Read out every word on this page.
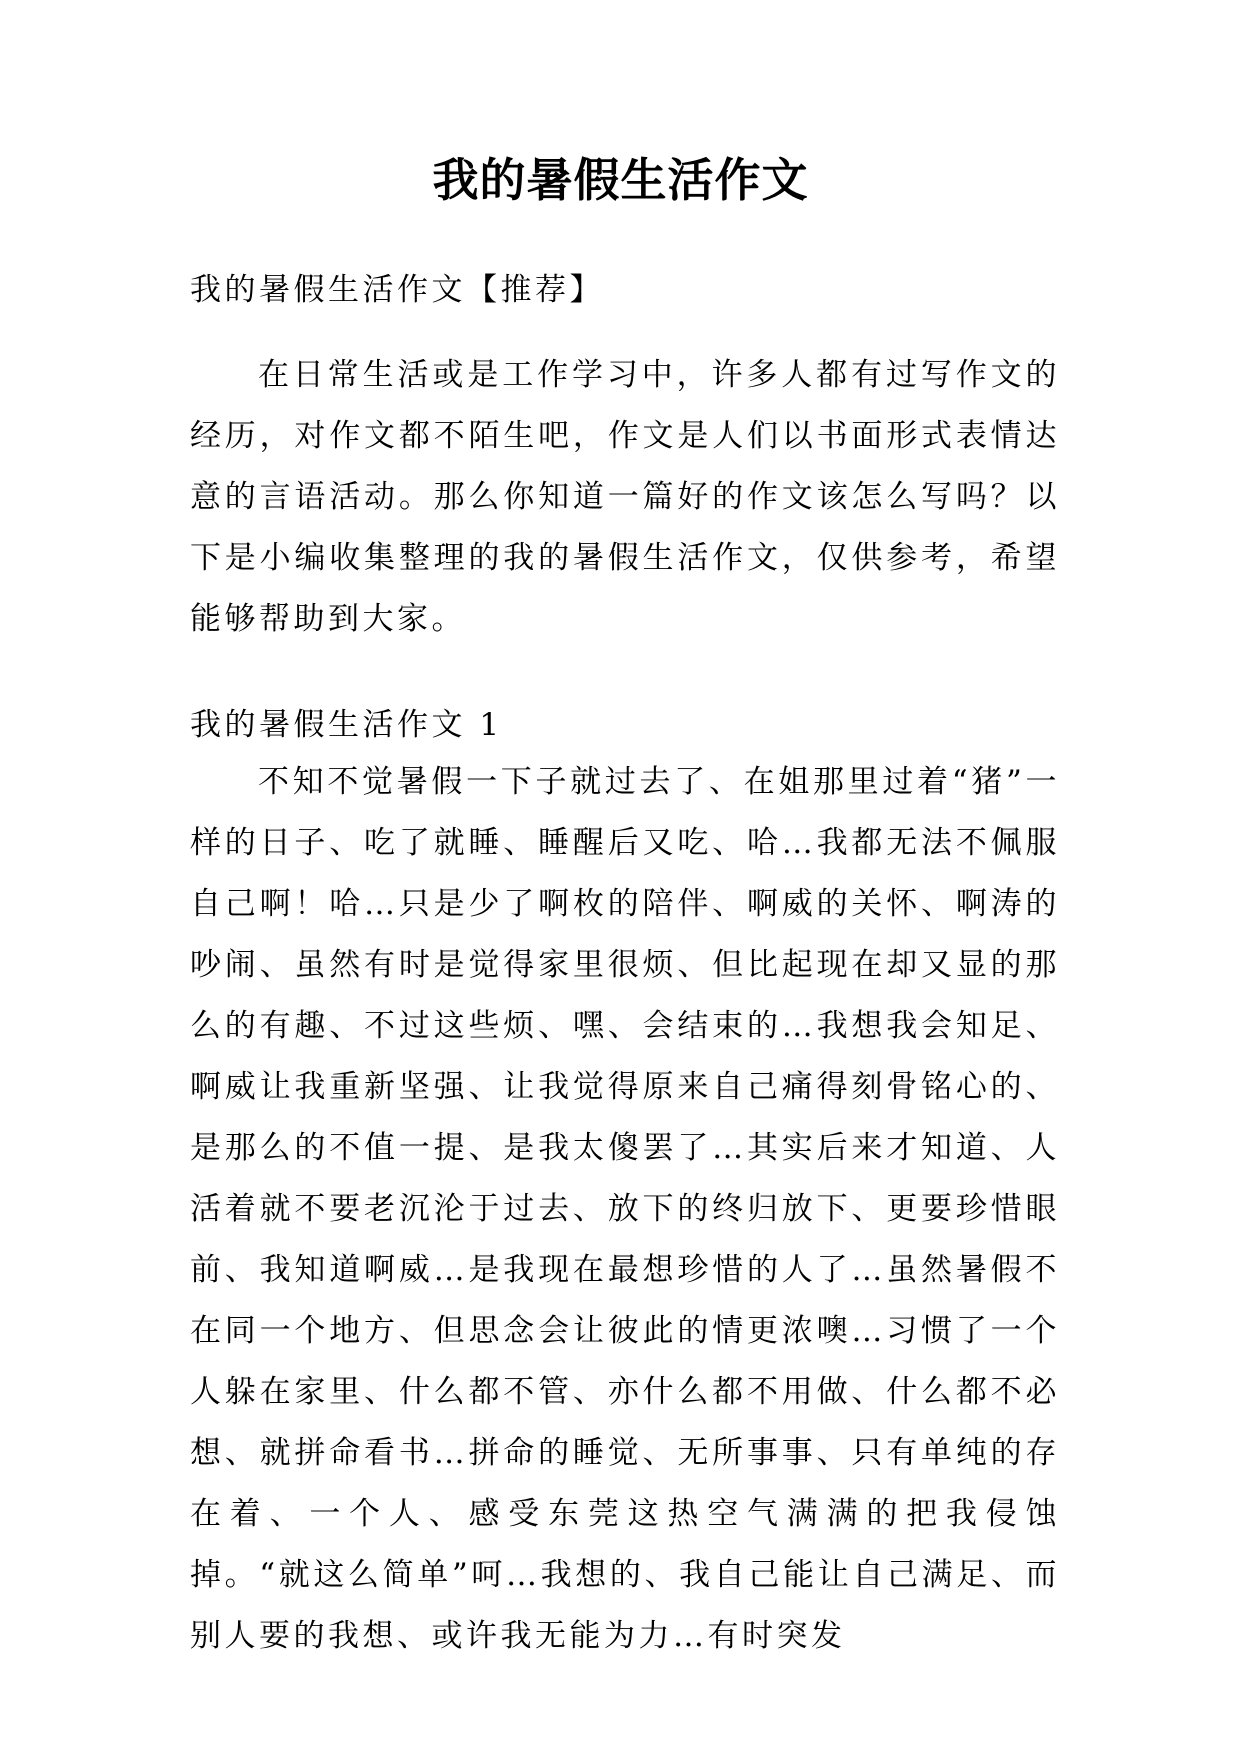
我的暑假生活作文

我的暑假生活作文【推荐】

在日常生活或是工作学习中，许多人都有过写作文的经历，对作文都不陌生吧，作文是人们以书面形式表情达意的言语活动。那么你知道一篇好的作文该怎么写吗？以下是小编收集整理的我的暑假生活作文，仅供参考，希望能够帮助到大家。

我的暑假生活作文 1

不知不觉暑假一下子就过去了、在姐那里过着“猪”一样的日子、吃了就睡、睡醒后又吃、哈…我都无法不佩服自己啊！哈…只是少了啊枚的陪伴、啊威的关怀、啊涛的吵闹、虽然有时是觉得家里很烦、但比起现在却又显的那么的有趣、不过这些烦、嘿、会结束的…我想我会知足、啊威让我重新坚强、让我觉得原来自己痛得刻骨铭心的、是那么的不值一提、是我太傻罢了…其实后来才知道、人活着就不要老沉沦于过去、放下的终归放下、更要珍惜眼前、我知道啊威…是我现在最想珍惜的人了…虽然暑假不在同一个地方、但思念会让彼此的情更浓噢…习惯了一个人躲在家里、什么都不管、亦什么都不用做、什么都不必想、就拼命看书…拼命的睡觉、无所事事、只有单纯的存在着、一个人、感受东莞这热空气满满的把我侵蚀掉。“就这么简单”呵…我想的、我自己能让自己满足、而别人要的我想、或许我无能为力…有时突发
